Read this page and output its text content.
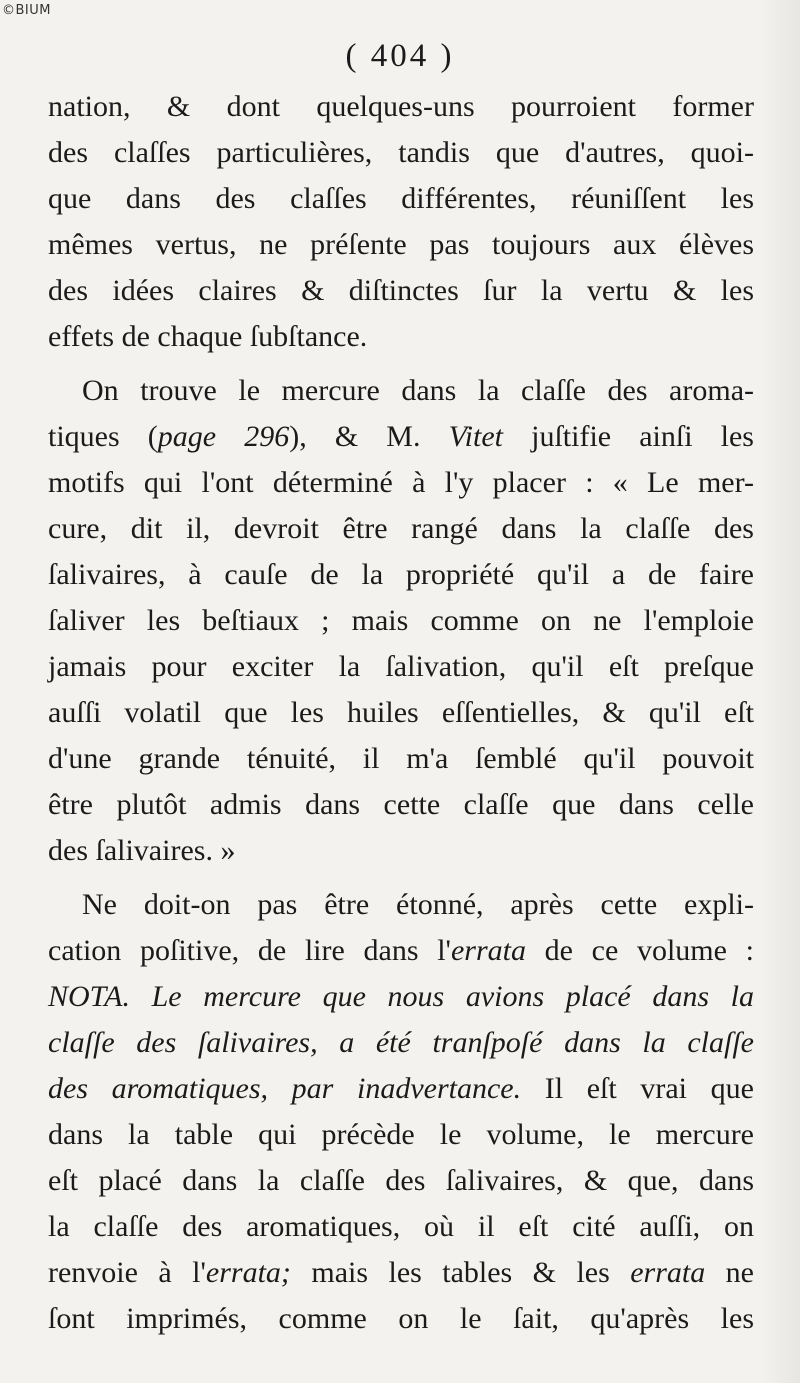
©BIUM
( 404 )
nation, & dont quelques-uns pourroient former
des claſſes particulières, tandis que d'autres, quoi-
que dans des claſſes différentes, réuniſſent les
mêmes vertus, ne préſente pas toujours aux élèves
des idées claires & diſtinctes ſur la vertu & les
effets de chaque ſubſtance.
On trouve le mercure dans la claſſe des aroma-
tiques (page 296), & M. Vitet juſtifie ainſi les
motifs qui l'ont déterminé à l'y placer : « Le mer-
cure, dit il, devroit être rangé dans la claſſe des
ſalivaires, à cauſe de la propriété qu'il a de faire
ſaliver les beſtiaux ; mais comme on ne l'emploie
jamais pour exciter la ſalivation, qu'il eſt preſque
auſſi volatil que les huiles eſſentielles, & qu'il eſt
d'une grande ténuité, il m'a ſemblé qu'il pouvoit
être plutôt admis dans cette claſſe que dans celle
des ſalivaires. »
Ne doit-on pas être étonné, après cette expli-
cation poſitive, de lire dans l'errata de ce volume :
NOTA. Le mercure que nous avions placé dans la
claſſe des ſalivaires, a été tranſpoſé dans la claſſe
des aromatiques, par inadvertance. Il eſt vrai que
dans la table qui précède le volume, le mercure
eſt placé dans la claſſe des ſalivaires, & que, dans
la claſſe des aromatiques, où il eſt cité auſſi, on
renvoie à l'errata; mais les tables & les errata ne
ſont imprimés, comme on le ſait, qu'après les
